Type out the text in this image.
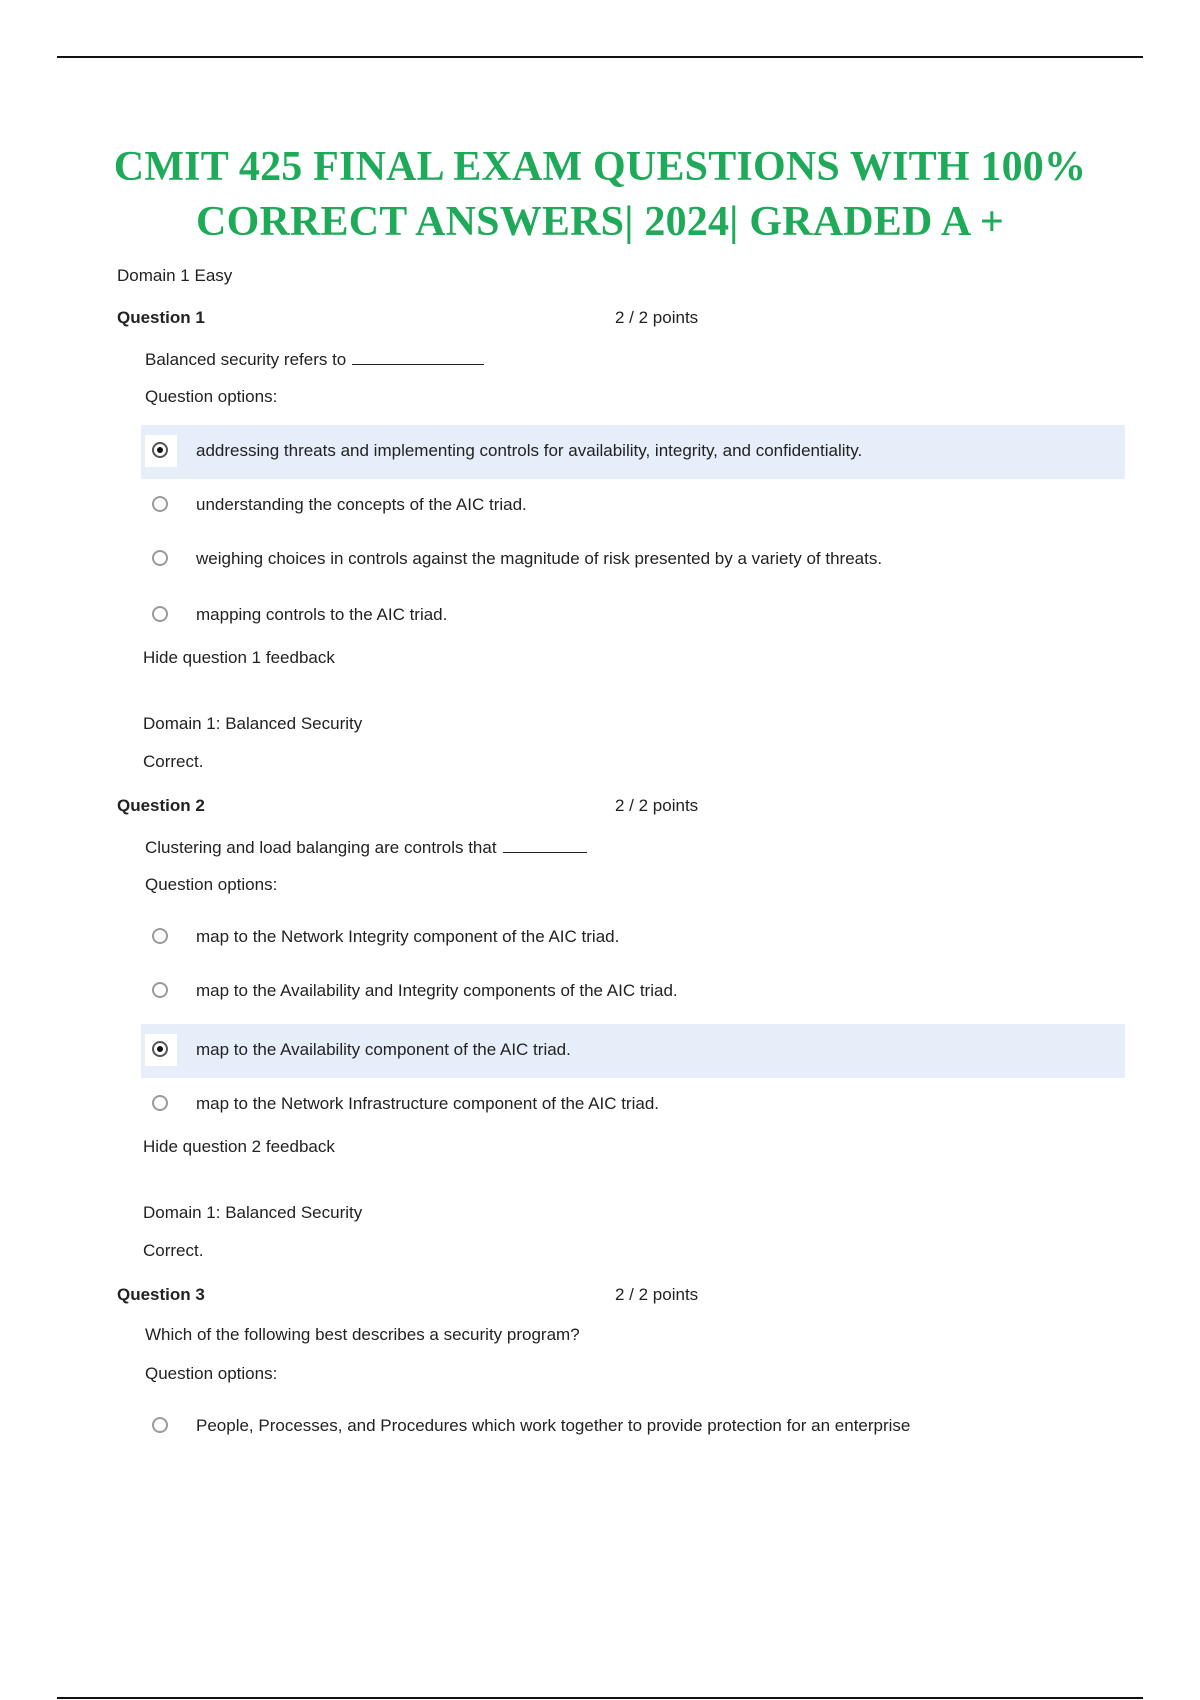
CMIT 425 FINAL EXAM QUESTIONS WITH 100%
CORRECT ANSWERS| 2024| GRADED A +
Domain 1 Easy
Question 1	2 / 2 points
Balanced security refers to
Question options:
addressing threats and implementing controls for availability, integrity, and confidentiality.
understanding the concepts of the AIC triad.
weighing choices in controls against the magnitude of risk presented by a variety of threats.
mapping controls to the AIC triad.
Hide question 1 feedback
Domain 1: Balanced Security
Correct.
Question 2	2 / 2 points
Clustering and load balanging are controls that
Question options:
map to the Network Integrity component of the AIC triad.
map to the Availability and Integrity components of the AIC triad.
map to the Availability component of the AIC triad.
map to the Network Infrastructure component of the AIC triad.
Hide question 2 feedback
Domain 1: Balanced Security
Correct.
Question 3	2 / 2 points
Which of the following best describes a security program?
Question options:
People, Processes, and Procedures which work together to provide protection for an enterprise
